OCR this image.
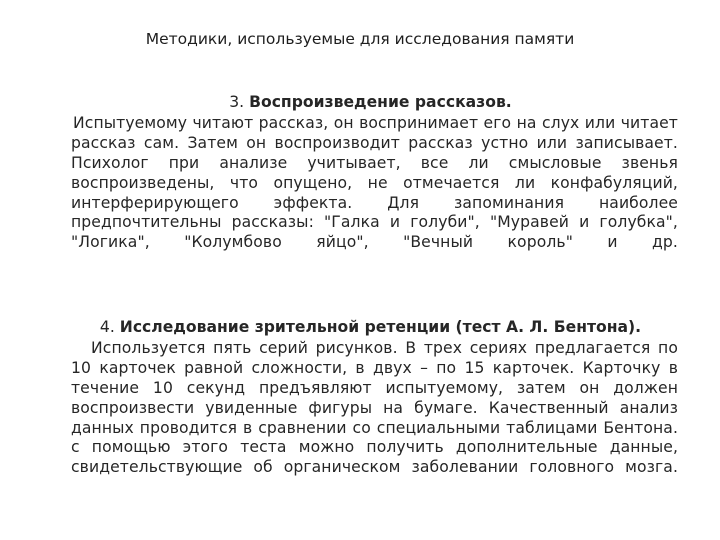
Методики, используемые для исследования памяти
3. Воспроизведение рассказов.
Испытуемому читают рассказ, он воспринимает его на слух или читает рассказ сам. Затем он воспроизводит рассказ устно или записывает. Психолог при анализе учитывает, все ли смысловые звенья воспроизведены, что опущено, не отмечается ли конфабуляций, интерферирующего эффекта. Для запоминания наиболее предпочтительны рассказы: "Галка и голуби", "Муравей и голубка", "Логика", "Колумбово яйцо", "Вечный король" и др.
4. Исследование зрительной ретенции (тест А. Л. Бентона).
Используется пять серий рисунков. В трех сериях предлагается по 10 карточек равной сложности, в двух – по 15 карточек. Карточку в течение 10 секунд предъявляют испытуемому, затем он должен воспроизвести увиденные фигуры на бумаге. Качественный анализ данных проводится в сравнении со специальными таблицами Бентона. с помощью этого теста можно получить дополнительные данные, свидетельствующие об органическом заболевании головного мозга.
